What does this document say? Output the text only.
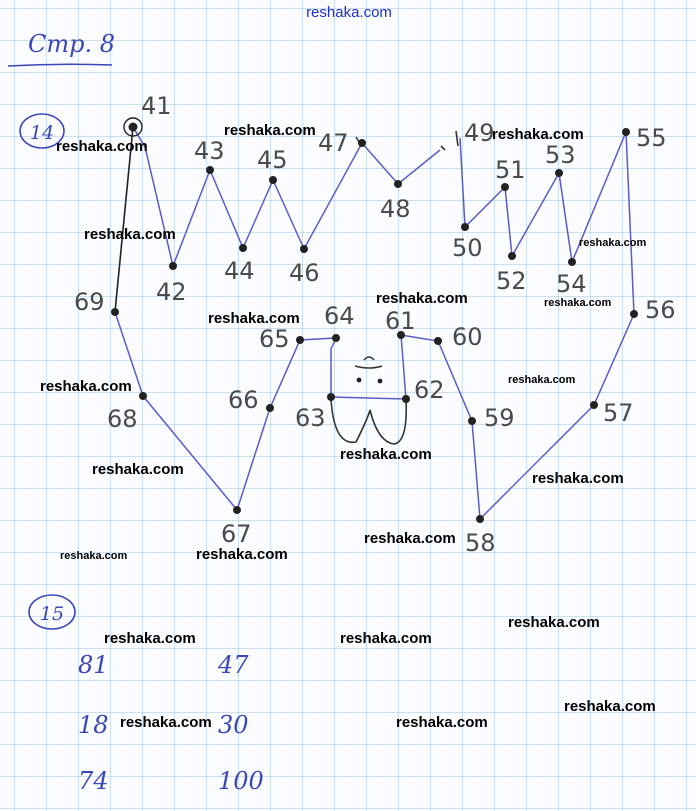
reshaka.com
Стр. 8
14
41
42
43
44
45
46
47
48
49
50
51
52
53
54
55
56
57
58
59
60
61
62
63
64
65
66
67
68
69
15
81	47
18	30
74	100
reshaka.com
reshaka.com
reshaka.com
reshaka.com	reshaka.com
reshaka.com	reshaka.com
reshaka.com
reshaka.com
reshaka.com
reshaka.com
reshaka.com
reshaka.com
reshaka.com
reshaka.com	reshaka.com
reshaka.com
reshaka.com	reshaka.com
reshaka.com
reshaka.com	reshaka.com
